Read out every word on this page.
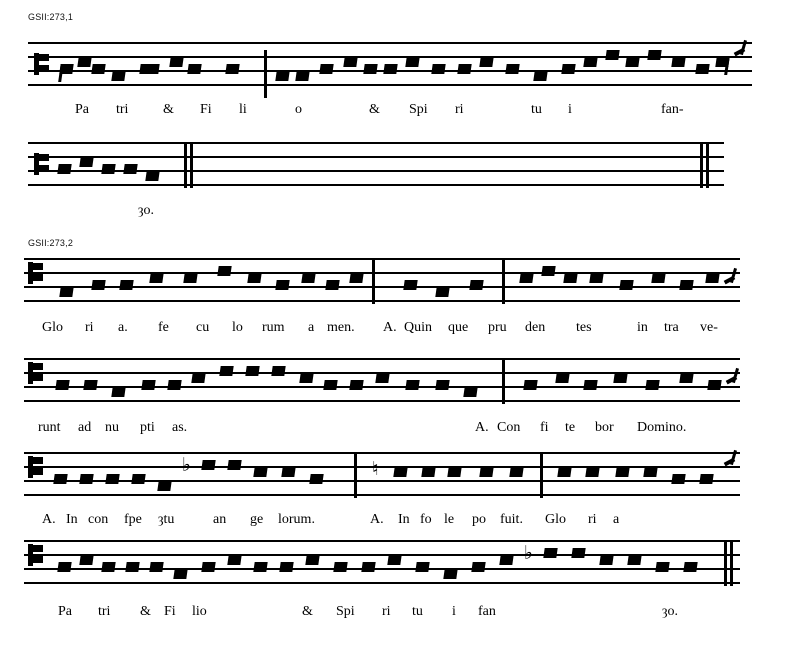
GSII:273,1
Pa tri & Fi li	o	& Spi ri	tu i	fan-
ȝo.
GSII:273,2
Glo ri a. fe cu lo rum a men. A. Quin que pru den tes	in tra ve-
runt ad nu pti as.	A. Con fi te bor Domino.
♭	♮
A. In con fpe ȝtu	an ge lorum.	A. In fo le po fuit. Glo ri a
♭
Pa tri & Fi lio	& Spi ri tu i fan	ȝo.
